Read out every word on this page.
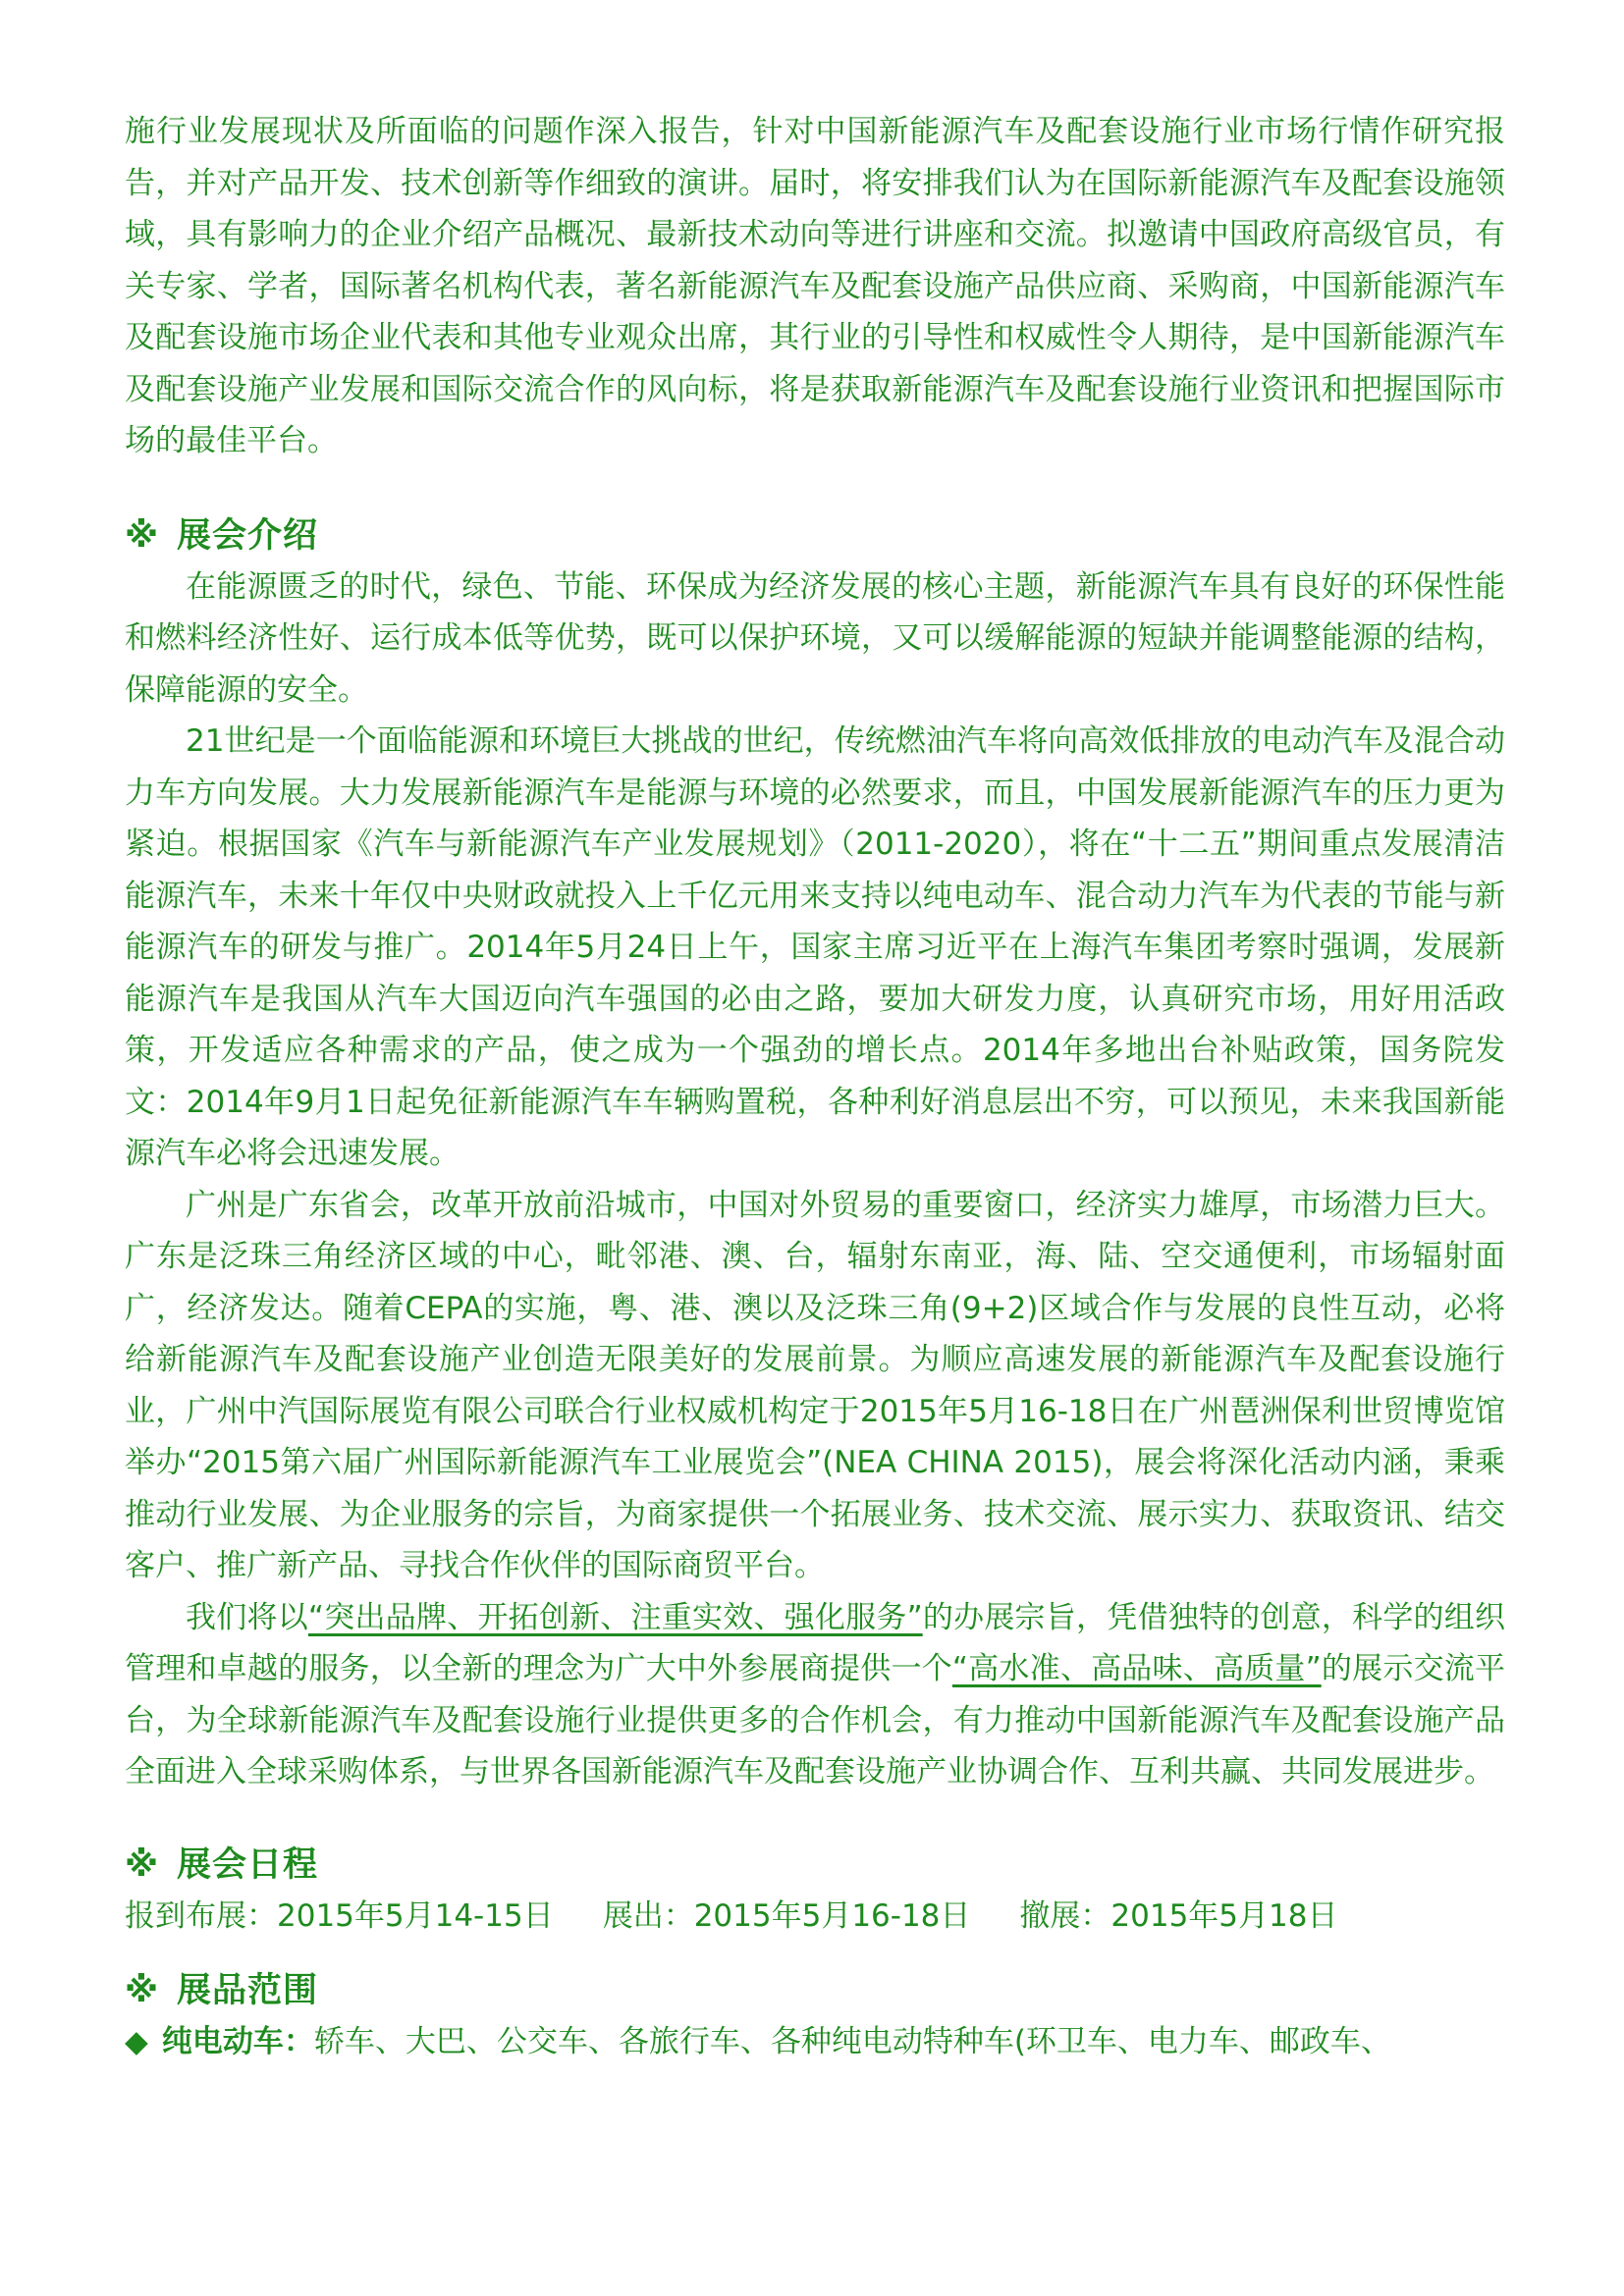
施行业发展现状及所面临的问题作深入报告，针对中国新能源汽车及配套设施行业市场行情作研究报告，并对产品开发、技术创新等作细致的演讲。届时，将安排我们认为在国际新能源汽车及配套设施领域，具有影响力的企业介绍产品概况、最新技术动向等进行讲座和交流。拟邀请中国政府高级官员，有关专家、学者，国际著名机构代表，著名新能源汽车及配套设施产品供应商、采购商，中国新能源汽车及配套设施市场企业代表和其他专业观众出席，其行业的引导性和权威性令人期待，是中国新能源汽车及配套设施产业发展和国际交流合作的风向标，将是获取新能源汽车及配套设施行业资讯和把握国际市场的最佳平台。

※ 展会介绍

在能源匮乏的时代，绿色、节能、环保成为经济发展的核心主题，新能源汽车具有良好的环保性能和燃料经济性好、运行成本低等优势，既可以保护环境，又可以缓解能源的短缺并能调整能源的结构，保障能源的安全。

21世纪是一个面临能源和环境巨大挑战的世纪，传统燃油汽车将向高效低排放的电动汽车及混合动力车方向发展。大力发展新能源汽车是能源与环境的必然要求，而且，中国发展新能源汽车的压力更为紧迫。根据国家《汽车与新能源汽车产业发展规划》（2011-2020），将在“十二五”期间重点发展清洁能源汽车，未来十年仅中央财政就投入上千亿元用来支持以纯电动车、混合动力汽车为代表的节能与新能源汽车的研发与推广。2014年5月24日上午，国家主席习近平在上海汽车集团考察时强调，发展新能源汽车是我国从汽车大国迈向汽车强国的必由之路，要加大研发力度，认真研究市场，用好用活政策，开发适应各种需求的产品，使之成为一个强劲的增长点。2014年多地出台补贴政策，国务院发文：2014年9月1日起免征新能源汽车车辆购置税，各种利好消息层出不穷，可以预见，未来我国新能源汽车必将会迅速发展。

广州是广东省会，改革开放前沿城市，中国对外贸易的重要窗口，经济实力雄厚，市场潜力巨大。广东是泛珠三角经济区域的中心，毗邻港、澳、台，辐射东南亚，海、陆、空交通便利，市场辐射面广，经济发达。随着CEPA的实施，粤、港、澳以及泛珠三角(9+2)区域合作与发展的良性互动，必将给新能源汽车及配套设施产业创造无限美好的发展前景。为顺应高速发展的新能源汽车及配套设施行业，广州中汽国际展览有限公司联合行业权威机构定于2015年5月16-18日在广州琶洲保利世贸博览馆举办“2015第六届广州国际新能源汽车工业展览会”(NEA CHINA 2015)，展会将深化活动内涵，秉乘推动行业发展、为企业服务的宗旨，为商家提供一个拓展业务、技术交流、展示实力、获取资讯、结交客户、推广新产品、寻找合作伙伴的国际商贸平台。

我们将以“突出品牌、开拓创新、注重实效、强化服务”的办展宗旨，凭借独特的创意，科学的组织管理和卓越的服务，以全新的理念为广大中外参展商提供一个“高水准、高品味、高质量”的展示交流平台，为全球新能源汽车及配套设施行业提供更多的合作机会，有力推动中国新能源汽车及配套设施产品全面进入全球采购体系，与世界各国新能源汽车及配套设施产业协调合作、互利共赢、共同发展进步。

※ 展会日程

报到布展：2015年5月14-15日 展出：2015年5月16-18日 撤展：2015年5月18日

※ 展品范围

◆ 纯电动车：轿车、大巴、公交车、各旅行车、各种纯电动特种车(环卫车、电力车、邮政车、
